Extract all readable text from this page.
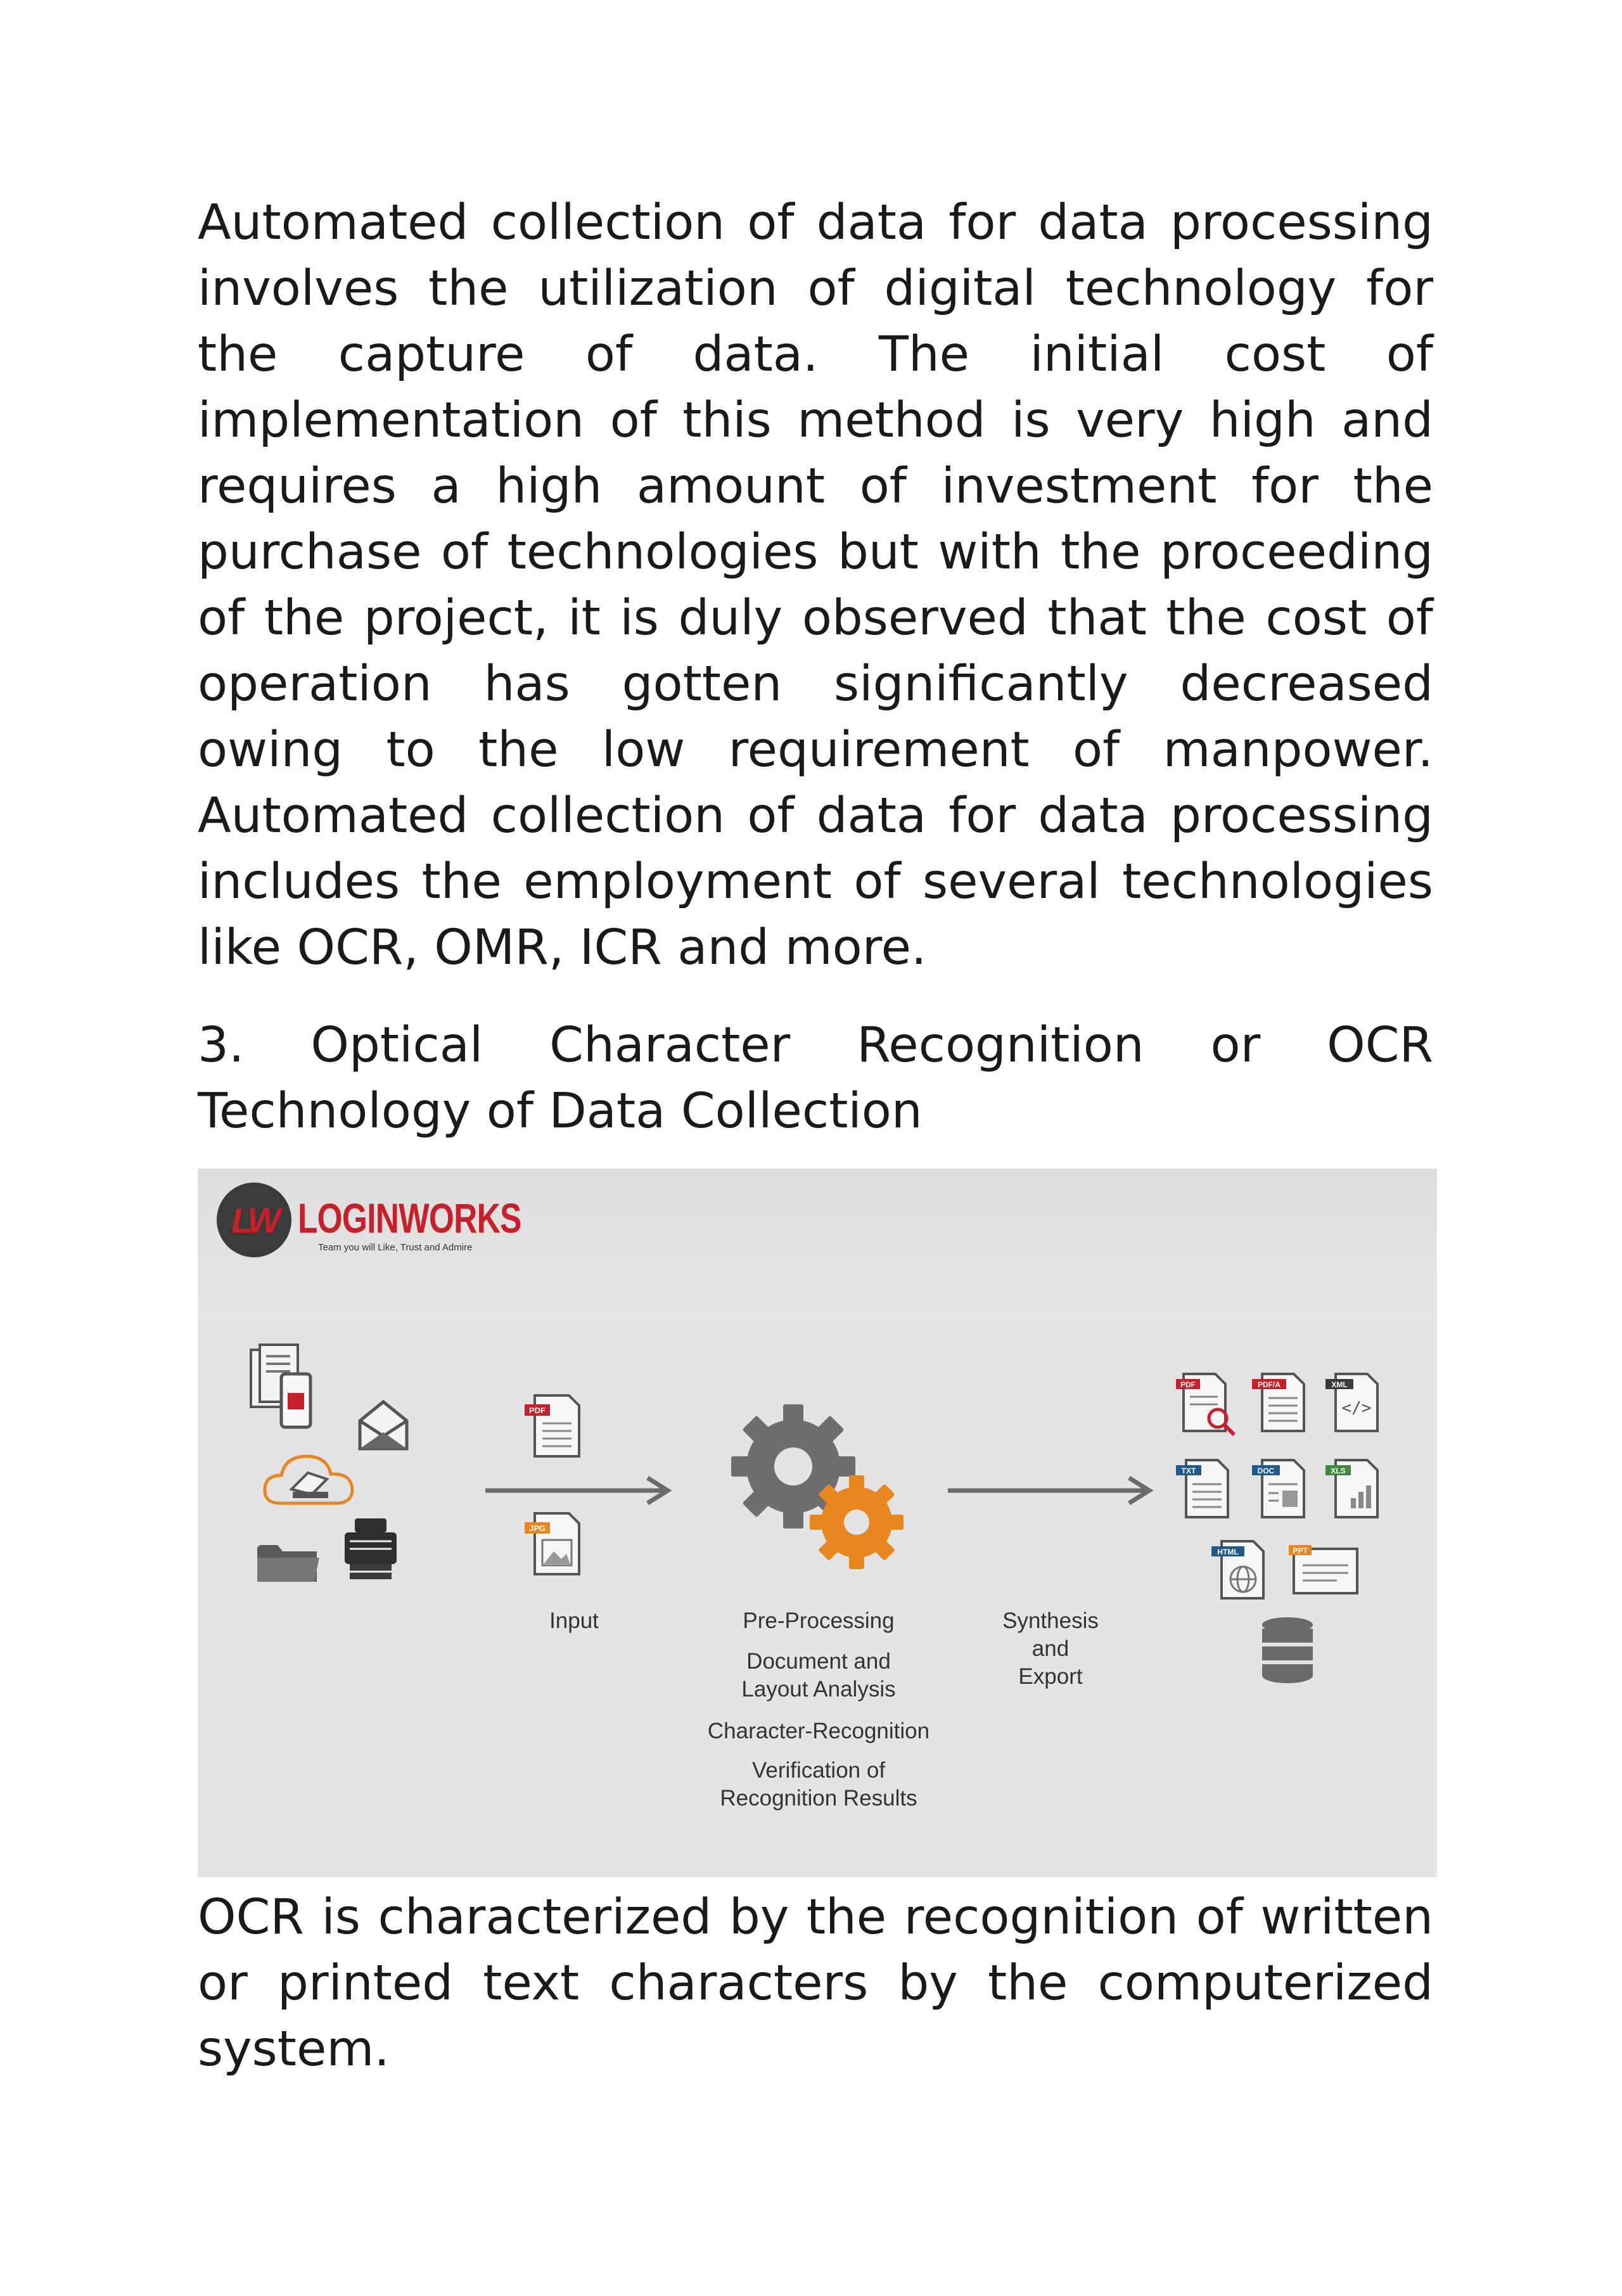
Automated collection of data for data processing
involves the utilization of digital technology for
the capture of data. The initial cost of
implementation of this method is very high and
requires a high amount of investment for the
purchase of technologies but with the proceeding
of the project, it is duly observed that the cost of
operation has gotten significantly decreased
owing to the low requirement of manpower.
Automated collection of data for data processing
includes the employment of several technologies
like OCR, OMR, ICR and more.

3. Optical Character Recognition or OCR
Technology of Data Collection

LW LOGINWORKS
Team you will Like, Trust and Admire
PDF
JPG
PDF	PDF/A	XML
</>
TXT	DOC	XLS
HTML	PPT
Input	Pre-Processing
Document and
Layout Analysis
Character-Recognition
Verification of
Recognition Results
Synthesis
and
Export

OCR is characterized by the recognition of written
or printed text characters by the computerized
system.
